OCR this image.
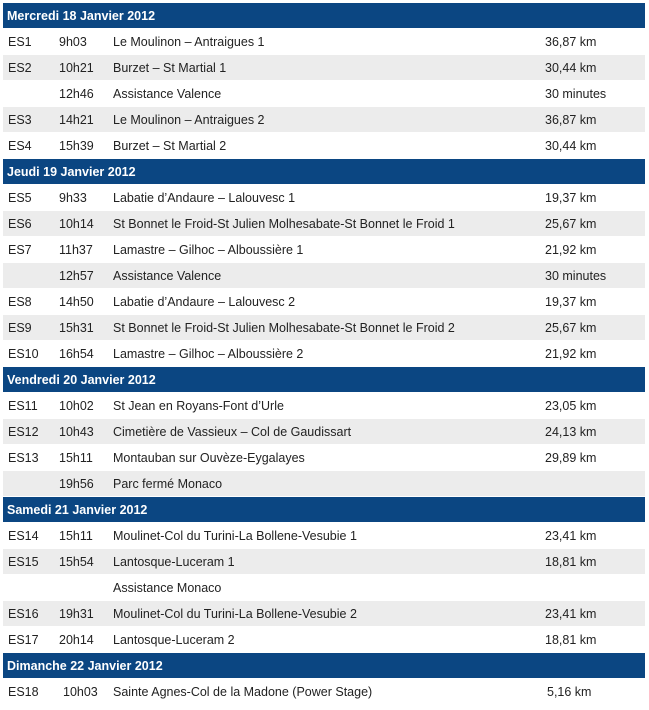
Mercredi 18 Janvier 2012
ES1 9h03 Le Moulinon – Antraigues 1	36,87 km
ES2 10h21 Burzet – St Martial 1	30,44 km
12h46 Assistance Valence	30 minutes
ES3 14h21 Le Moulinon – Antraigues 2	36,87 km
ES4 15h39 Burzet – St Martial 2	30,44 km
Jeudi 19 Janvier 2012
ES5 9h33 Labatie d’Andaure – Lalouvesc 1	19,37 km
ES6 10h14 St Bonnet le Froid-St Julien Molhesabate-St Bonnet le Froid 1	25,67 km
ES7 11h37 Lamastre – Gilhoc – Alboussière 1	21,92 km
12h57 Assistance Valence	30 minutes
ES8 14h50 Labatie d’Andaure – Lalouvesc 2	19,37 km
ES9 15h31 St Bonnet le Froid-St Julien Molhesabate-St Bonnet le Froid 2	25,67 km
ES10 16h54 Lamastre – Gilhoc – Alboussière 2	21,92 km
Vendredi 20 Janvier 2012
ES11 10h02 St Jean en Royans-Font d’Urle	23,05 km
ES12 10h43 Cimetière de Vassieux – Col de Gaudissart	24,13 km
ES13 15h11 Montauban sur Ouvèze-Eygalayes	29,89 km
19h56 Parc fermé Monaco
Samedi 21 Janvier 2012
ES14 15h11 Moulinet-Col du Turini-La Bollene-Vesubie 1	23,41 km
ES15 15h54 Lantosque-Luceram 1	18,81 km
Assistance Monaco
ES16 19h31 Moulinet-Col du Turini-La Bollene-Vesubie 2	23,41 km
ES17 20h14 Lantosque-Luceram 2	18,81 km
Dimanche 22 Janvier 2012
ES18 10h03 Sainte Agnes-Col de la Madone (Power Stage)	5,16 km
